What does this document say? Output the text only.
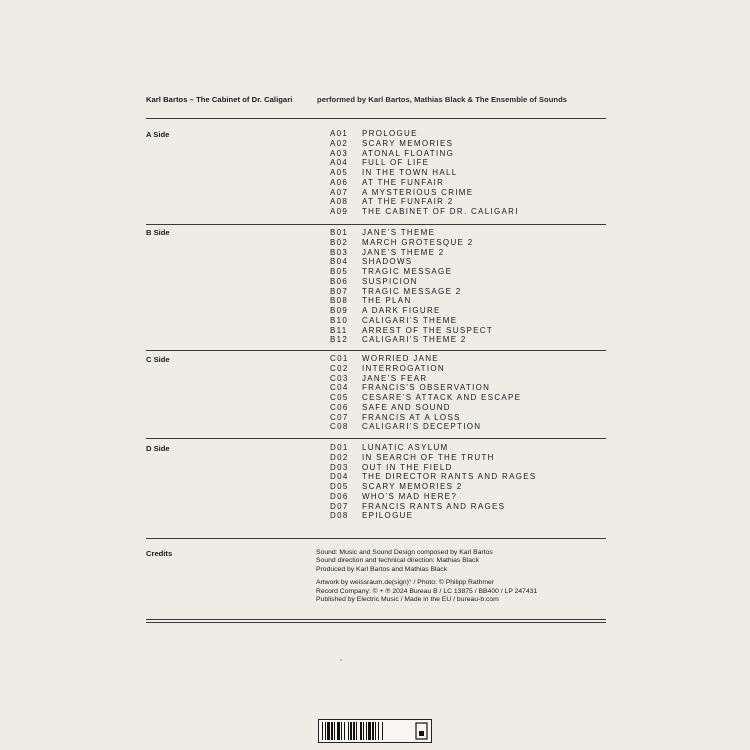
Karl Bartos – The Cabinet of Dr. Caligari	performed by Karl Bartos, Mathias Black & The Ensemble of Sounds
A Side	A01 PROLOGUE
A02 SCARY MEMORIES
A03 ATONAL FLOATING
A04 FULL OF LIFE
A05 IN THE TOWN HALL
A06 AT THE FUNFAIR
A07 A MYSTERIOUS CRIME
A08 AT THE FUNFAIR 2
A09 THE CABINET OF DR. CALIGARI
B Side	B01 JANE’S THEME
B02 MARCH GROTESQUE 2
B03 JANE’S THEME 2
B04 SHADOWS
B05 TRAGIC MESSAGE
B06 SUSPICION
B07 TRAGIC MESSAGE 2
B08 THE PLAN
B09 A DARK FIGURE
B10 CALIGARI’S THEME
B11 ARREST OF THE SUSPECT
B12 CALIGARI’S THEME 2
C Side	C01 WORRIED JANE
C02 INTERROGATION
C03 JANE’S FEAR
C04 FRANCIS’S OBSERVATION
C05 CESARE’S ATTACK AND ESCAPE
C06 SAFE AND SOUND
C07 FRANCIS AT A LOSS
C08 CALIGARI’S DECEPTION
D Side	D01 LUNATIC ASYLUM
D02 IN SEARCH OF THE TRUTH
D03 OUT IN THE FIELD
D04 THE DIRECTOR RANTS AND RAGES
D05 SCARY MEMORIES 2
D06 WHO’S MAD HERE?
D07 FRANCIS RANTS AND RAGES
D08 EPILOGUE
Credits	Sound: Music and Sound Design composed by Karl Bartos
Sound direction and technical direction: Mathias Black
Produced by Karl Bartos and Mathias Black
Artwork by weissraum.de(sign)° / Photo: © Philipp Rathmer
Record Company: © + ℗ 2024 Bureau B / LC 13875 / BB400 / LP 247431
Published by Electric Music / Made in the EU / bureau-b.com
